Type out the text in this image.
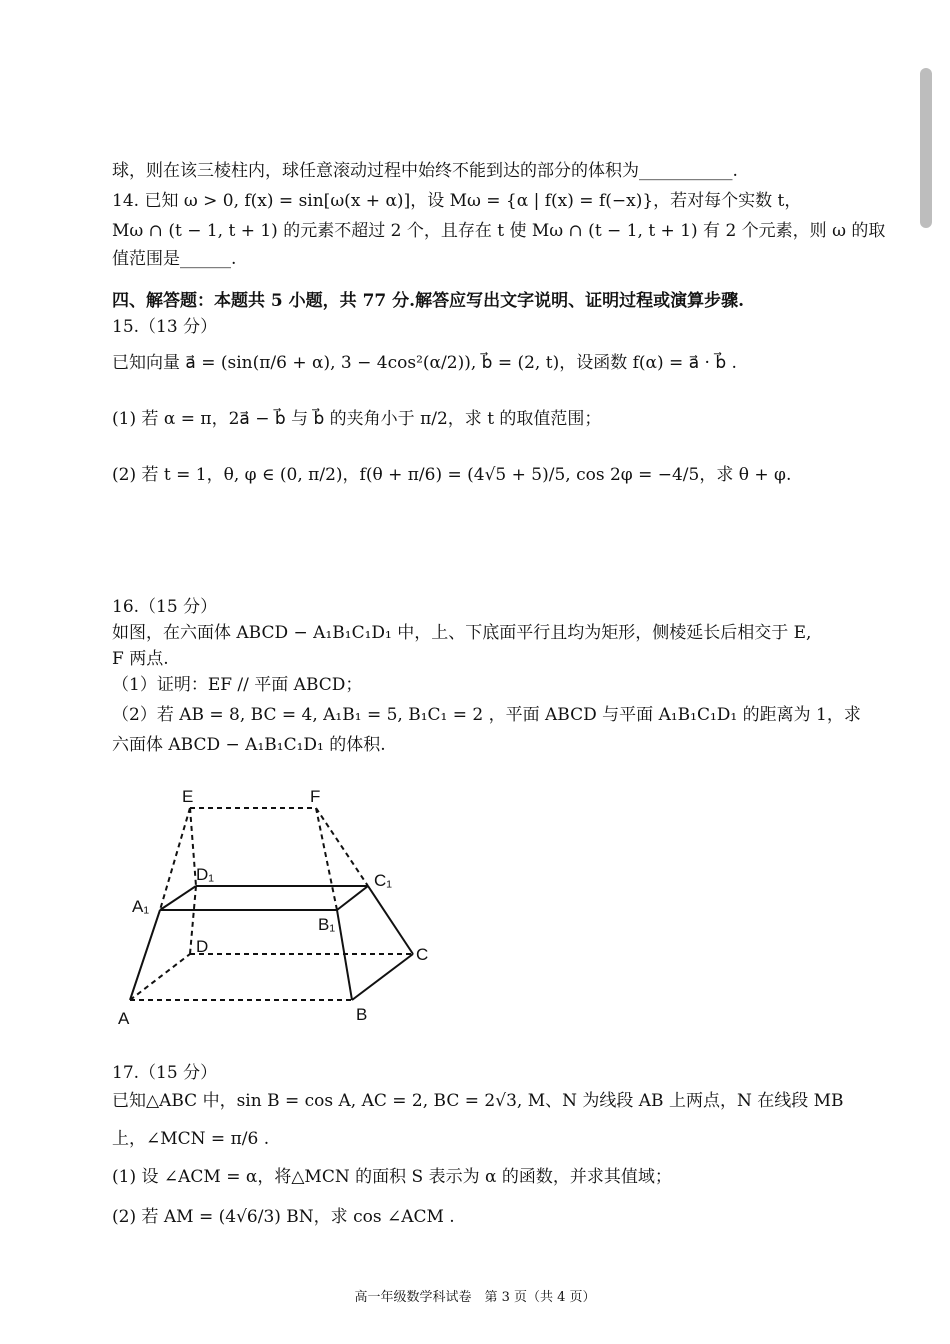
球，则在该三棱柱内，球任意滚动过程中始终不能到达的部分的体积为___________.
14. 已知 ω > 0, f(x) = sin[ω(x + α)]，设 Mω = {α | f(x) = f(−x)}，若对每个实数 t，
Mω ∩ (t − 1, t + 1) 的元素不超过 2 个，且存在 t 使 Mω ∩ (t − 1, t + 1) 有 2 个元素，则 ω 的取
值范围是______.
四、解答题：本题共 5 小题，共 77 分.解答应写出文字说明、证明过程或演算步骤.
15.（13 分）
已知向量 a⃗ = (sin(π/6 + α), 3 − 4cos²(α/2)), b⃗ = (2, t)，设函数 f(α) = a⃗ · b⃗ .
(1) 若 α = π，2a⃗ − b⃗ 与 b⃗ 的夹角小于 π/2，求 t 的取值范围；
(2) 若 t = 1，θ, φ ∈ (0, π/2)，f(θ + π/6) = (4√5 + 5)/5, cos 2φ = −4/5，求 θ + φ.
16.（15 分）
如图，在六面体 ABCD − A₁B₁C₁D₁ 中，上、下底面平行且均为矩形，侧棱延长后相交于 E,
F 两点.
（1）证明：EF // 平面 ABCD；
（2）若 AB = 8, BC = 4, A₁B₁ = 5, B₁C₁ = 2 ，平面 ABCD 与平面 A₁B₁C₁D₁ 的距离为 1，求
六面体 ABCD − A₁B₁C₁D₁ 的体积.
E	F
D₁	C₁
A₁
B₁
D	C
A	B
17.（15 分）
已知△ABC 中，sin B = cos A, AC = 2, BC = 2√3, M、N 为线段 AB 上两点，N 在线段 MB
上，∠MCN = π/6 .
(1) 设 ∠ACM = α，将△MCN 的面积 S 表示为 α 的函数，并求其值域；
(2) 若 AM = (4√6/3) BN，求 cos ∠ACM .
高一年级数学科试卷　第 3 页（共 4 页）
